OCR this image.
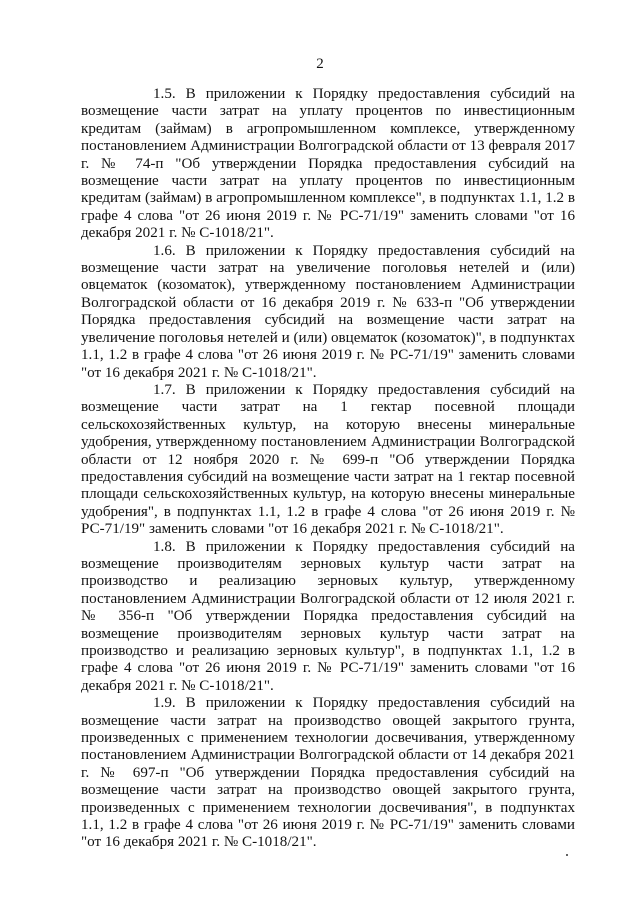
2

1.5. В приложении к Порядку предоставления субсидий на возмещение части затрат на уплату процентов по инвестиционным кредитам (займам) в агропромышленном комплексе, утвержденному постановлением Администрации Волгоградской области от 13 февраля 2017 г. № 74-п "Об утверждении Порядка предоставления субсидий на возмещение части затрат на уплату процентов по инвестиционным кредитам (займам) в агропромышленном комплексе", в подпунктах 1.1, 1.2 в графе 4 слова "от 26 июня 2019 г. № РС-71/19" заменить словами "от 16 декабря 2021 г. № С-1018/21".

1.6. В приложении к Порядку предоставления субсидий на возмещение части затрат на увеличение поголовья нетелей и (или) овцематок (козоматок), утвержденному постановлением Администрации Волгоградской области от 16 декабря 2019 г. № 633-п "Об утверждении Порядка предоставления субсидий на возмещение части затрат на увеличение поголовья нетелей и (или) овцематок (козоматок)", в подпунктах 1.1, 1.2 в графе 4 слова "от 26 июня 2019 г. № РС-71/19" заменить словами "от 16 декабря 2021 г. № С-1018/21".

1.7. В приложении к Порядку предоставления субсидий на возмещение части затрат на 1 гектар посевной площади сельскохозяйственных культур, на которую внесены минеральные удобрения, утвержденному постановлением Администрации Волгоградской области от 12 ноября 2020 г. № 699-п "Об утверждении Порядка предоставления субсидий на возмещение части затрат на 1 гектар посевной площади сельскохозяйственных культур, на которую внесены минеральные удобрения", в подпунктах 1.1, 1.2 в графе 4 слова "от 26 июня 2019 г. № РС-71/19" заменить словами "от 16 декабря 2021 г. № С-1018/21".

1.8. В приложении к Порядку предоставления субсидий на возмещение производителям зерновых культур части затрат на производство и реализацию зерновых культур, утвержденному постановлением Администрации Волгоградской области от 12 июля 2021 г. № 356-п "Об утверждении Порядка предоставления субсидий на возмещение производителям зерновых культур части затрат на производство и реализацию зерновых культур", в подпунктах 1.1, 1.2 в графе 4 слова "от 26 июня 2019 г. № РС-71/19" заменить словами "от 16 декабря 2021 г. № С-1018/21".

1.9. В приложении к Порядку предоставления субсидий на возмещение части затрат на производство овощей закрытого грунта, произведенных с применением технологии досвечивания, утвержденному постановлением Администрации Волгоградской области от 14 декабря 2021 г. № 697-п "Об утверждении Порядка предоставления субсидий на возмещение части затрат на производство овощей закрытого грунта, произведенных с применением технологии досвечивания", в подпунктах 1.1, 1.2 в графе 4 слова "от 26 июня 2019 г. № РС-71/19" заменить словами "от 16 декабря 2021 г. № С-1018/21".
